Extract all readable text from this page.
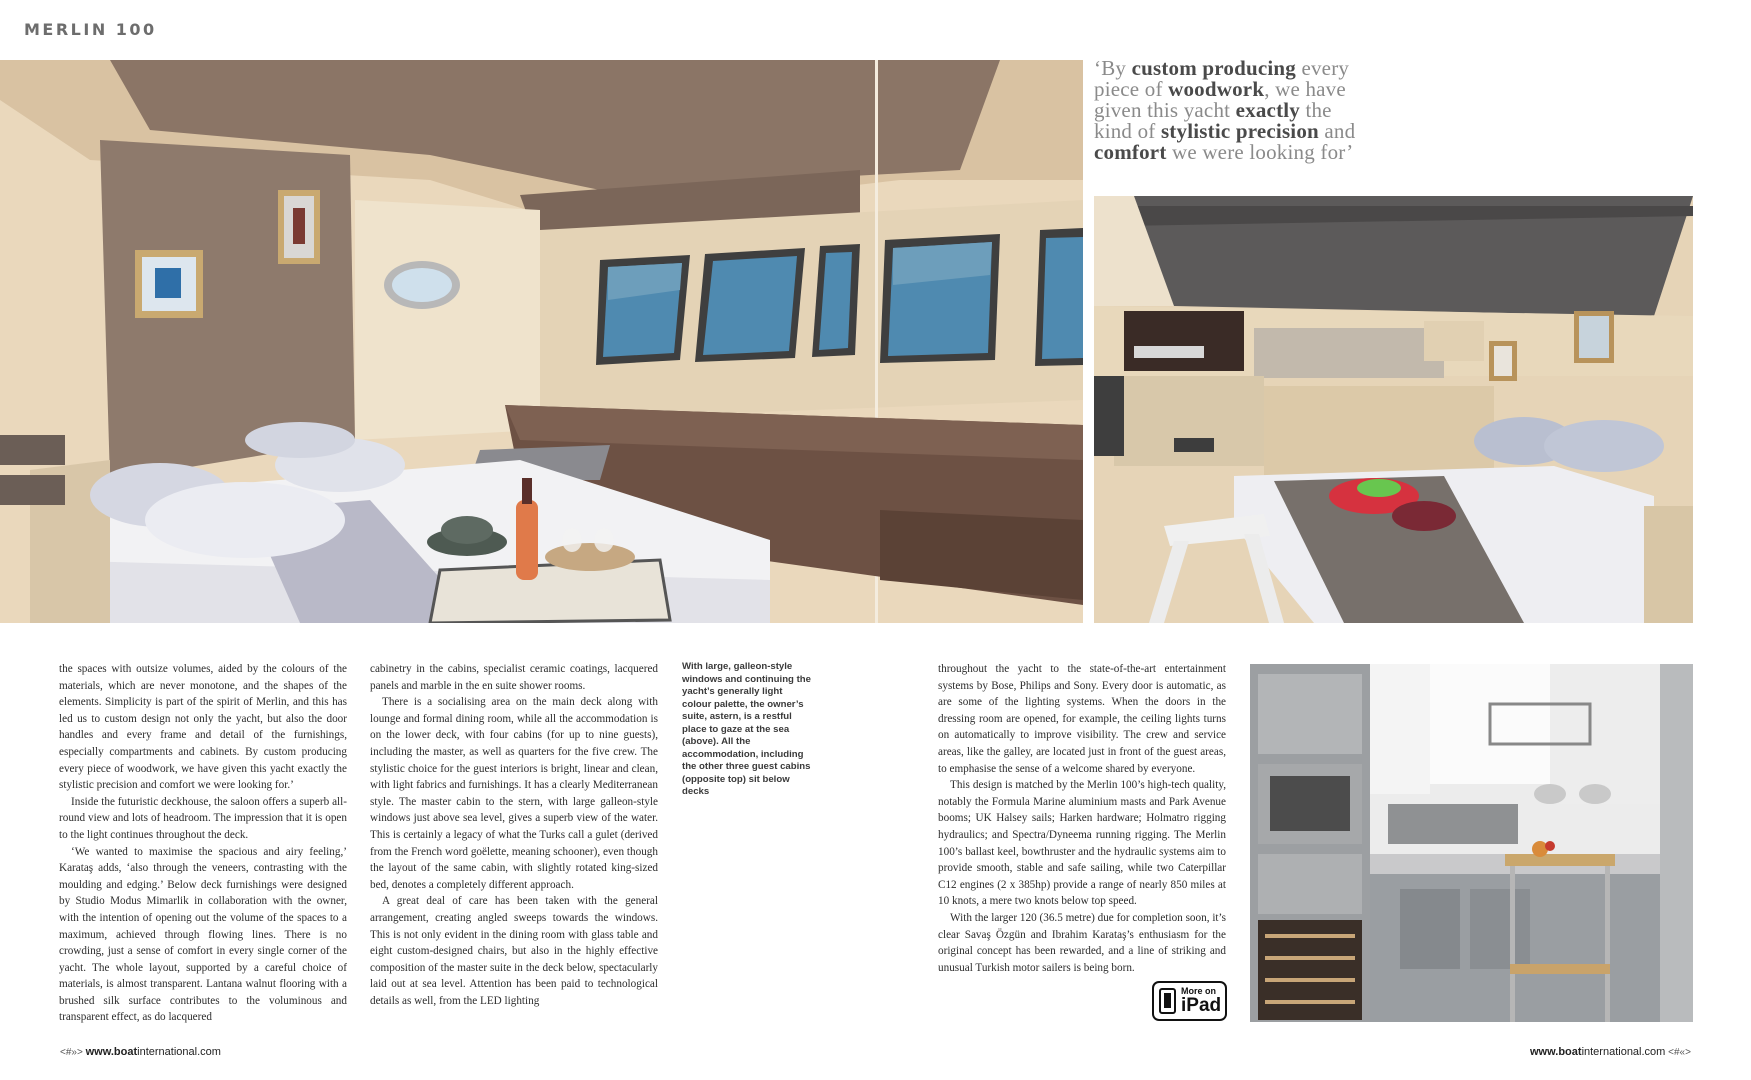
MERLIN 100
‘By custom producing every piece of woodwork, we have given this yacht exactly the kind of stylistic precision and comfort we were looking for’

the spaces with outsize volumes, aided by the colours of the materials, which are never monotone, and the shapes of the elements. Simplicity is part of the spirit of Merlin, and this has led us to custom design not only the yacht, but also the door handles and every frame and detail of the furnishings, especially compartments and cabinets. By custom producing every piece of woodwork, we have given this yacht exactly the stylistic precision and comfort we were looking for.’

Inside the futuristic deckhouse, the saloon offers a superb all-round view and lots of headroom. The impression that it is open to the light continues throughout the deck.

‘We wanted to maximise the spacious and airy feeling,’ Karataş adds, ‘also through the veneers, contrasting with the moulding and edging.’ Below deck furnishings were designed by Studio Modus Mimarlik in collaboration with the owner, with the intention of opening out the volume of the spaces to a maximum, achieved through flowing lines. There is no crowding, just a sense of comfort in every single corner of the yacht. The whole layout, supported by a careful choice of materials, is almost transparent. Lantana walnut flooring with a brushed silk surface contributes to the voluminous and transparent effect, as do lacquered

cabinetry in the cabins, specialist ceramic coatings, lacquered panels and marble in the en suite shower rooms.

There is a socialising area on the main deck along with lounge and formal dining room, while all the accommodation is on the lower deck, with four cabins (for up to nine guests), including the master, as well as quarters for the five crew. The stylistic choice for the guest interiors is bright, linear and clean, with light fabrics and furnishings. It has a clearly Mediterranean style. The master cabin to the stern, with large galleon-style windows just above sea level, gives a superb view of the water. This is certainly a legacy of what the Turks call a gulet (derived from the French word goëlette, meaning schooner), even though the layout of the same cabin, with slightly rotated king-sized bed, denotes a completely different approach.

A great deal of care has been taken with the general arrangement, creating angled sweeps towards the windows. This is not only evident in the dining room with glass table and eight custom-designed chairs, but also in the highly effective composition of the master suite in the deck below, spectacularly laid out at sea level. Attention has been paid to technological details as well, from the LED lighting

With large, galleon-style windows and continuing the yacht’s generally light colour palette, the owner’s suite, astern, is a restful place to gaze at the sea (above). All the accommodation, including the other three guest cabins (opposite top) sit below decks

throughout the yacht to the state-of-the-art entertainment systems by Bose, Philips and Sony. Every door is automatic, as are some of the lighting systems. When the doors in the dressing room are opened, for example, the ceiling lights turns on automatically to improve visibility. The crew and service areas, like the galley, are located just in front of the guest areas, to emphasise the sense of a welcome shared by everyone.

This design is matched by the Merlin 100’s high-tech quality, notably the Formula Marine aluminium masts and Park Avenue booms; UK Halsey sails; Harken hardware; Holmatro rigging hydraulics; and Spectra/Dyneema running rigging. The Merlin 100’s ballast keel, bowthruster and the hydraulic systems aim to provide smooth, stable and safe sailing, while two Caterpillar C12 engines (2 x 385hp) provide a range of nearly 850 miles at 10 knots, a mere two knots below top speed.

With the larger 120 (36.5 metre) due for completion soon, it’s clear Savaş Özgün and Ibrahim Karataş’s enthusiasm for the original concept has been rewarded, and a line of striking and unusual Turkish motor sailers is being born.

More on
iPad
<#»> www.boatinternational.com	www.boatinternational.com <#«>
